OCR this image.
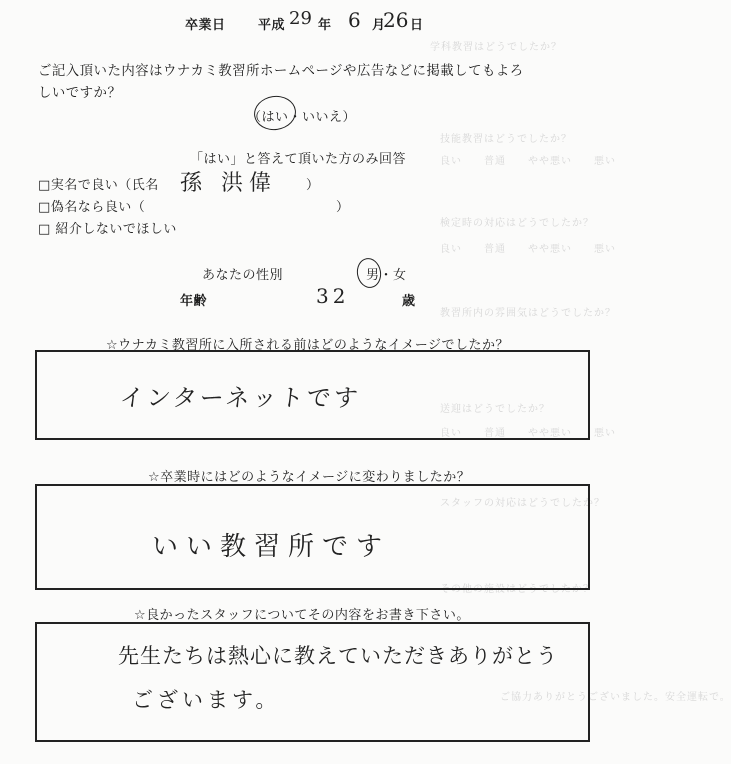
学科教習はどうでしたか？
技能教習はどうでしたか？
良い　　普通　　やや悪い　　悪い
検定時の対応はどうでしたか？
良い　　普通　　やや悪い　　悪い
教習所内の雰囲気はどうでしたか？
送迎はどうでしたか？
良い　　普通　　やや悪い　　悪い
スタッフの対応はどうでしたか？
その他の施設はどうでしたか？
ご協力ありがとうございました。安全運転で。
卒業日 平成 29 年 6 月
26 日
ご記入頂いた内容はウナカミ教習所ホームページや広告などに掲載してもよろ
しいですか？
（はい・いいえ）
「はい」と答えて頂いた方のみ回答
□実名で良い（氏名 孫 洪偉 ）
□偽名なら良い（	）
□ 紹介しないでほしい
あなたの性別	男・女
年齢	32	歳
☆ウナカミ教習所に入所される前はどのようなイメージでしたか？
インターネットです
☆卒業時にはどのようなイメージに変わりましたか？
いい教習所です
☆良かったスタッフについてその内容をお書き下さい。
先生たちは熱心に教えていただきありがとう
ございます。
